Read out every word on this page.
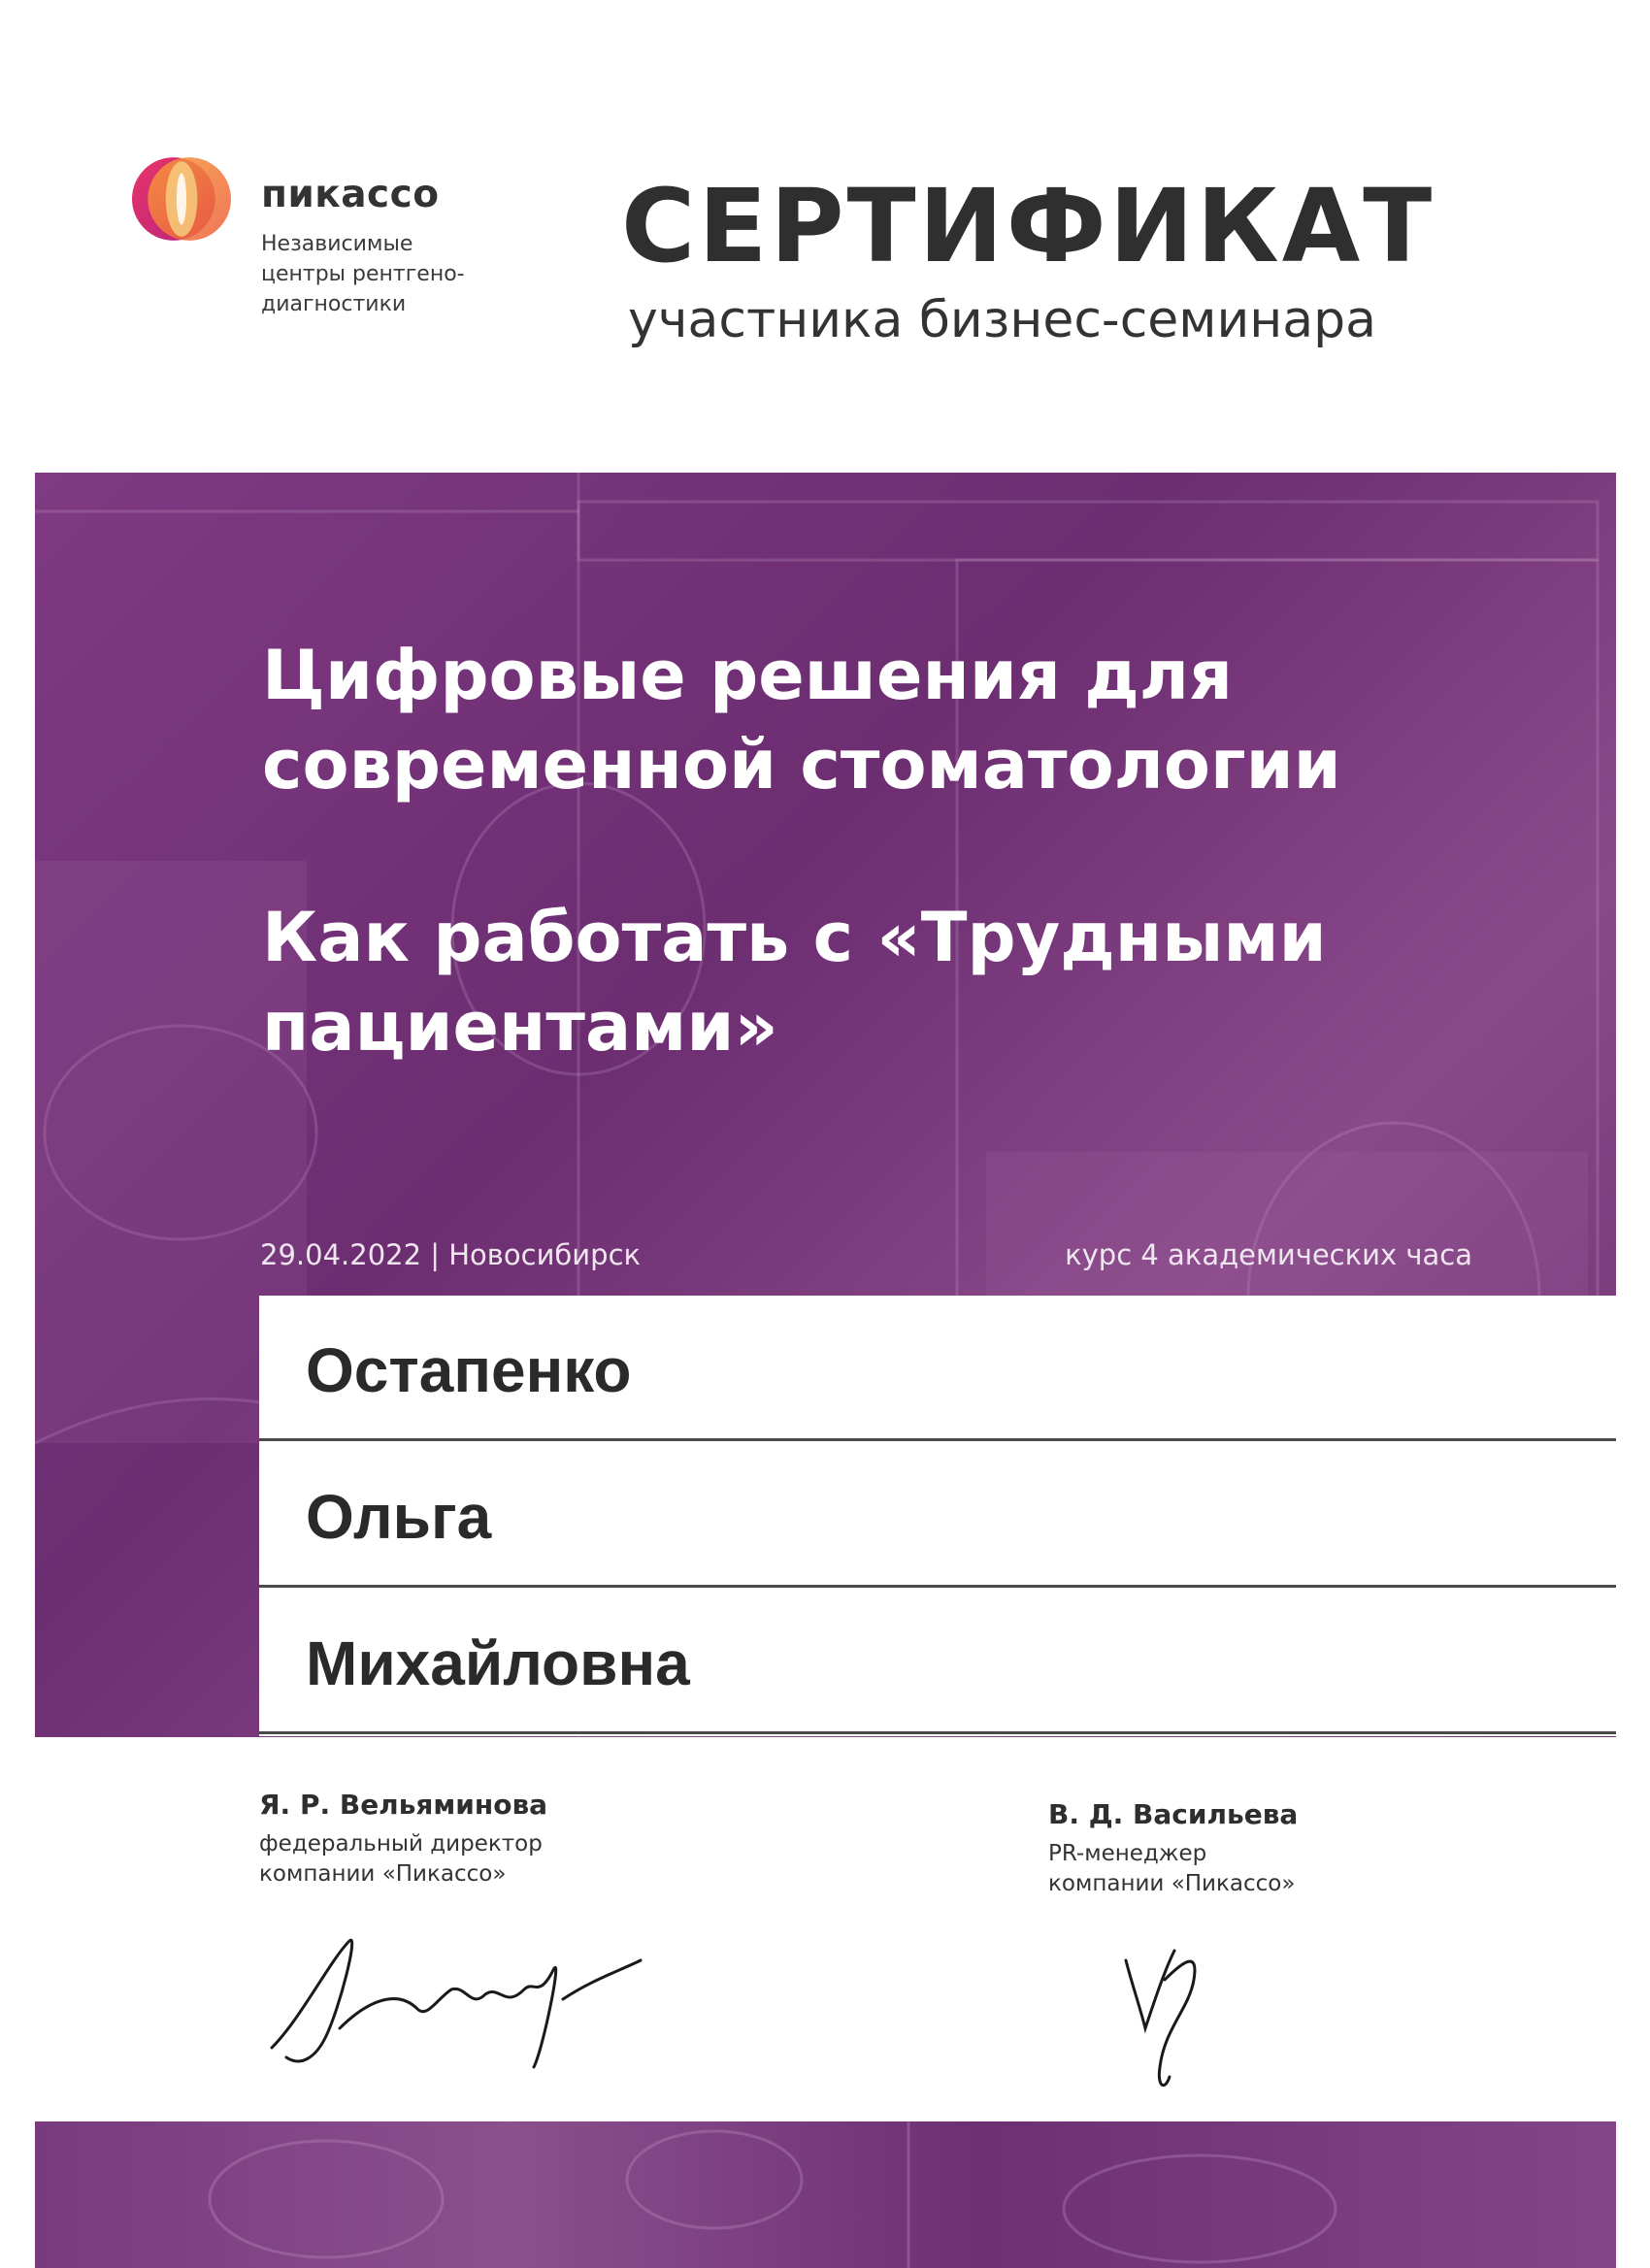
пикассо
Независимые
центры рентгено-
диагностики
СЕРТИФИКАТ
участника бизнес-семинара
Цифровые решения для
современной стоматологии
Как работать с «Трудными
пациентами»
29.04.2022 | Новосибирск	курс 4 академических часа
Остапенко
Ольга
Михайловна
Я. Р. Вельяминова
федеральный директор
компании «Пикассо»
В. Д. Васильева
PR-менеджер
компании «Пикассо»
